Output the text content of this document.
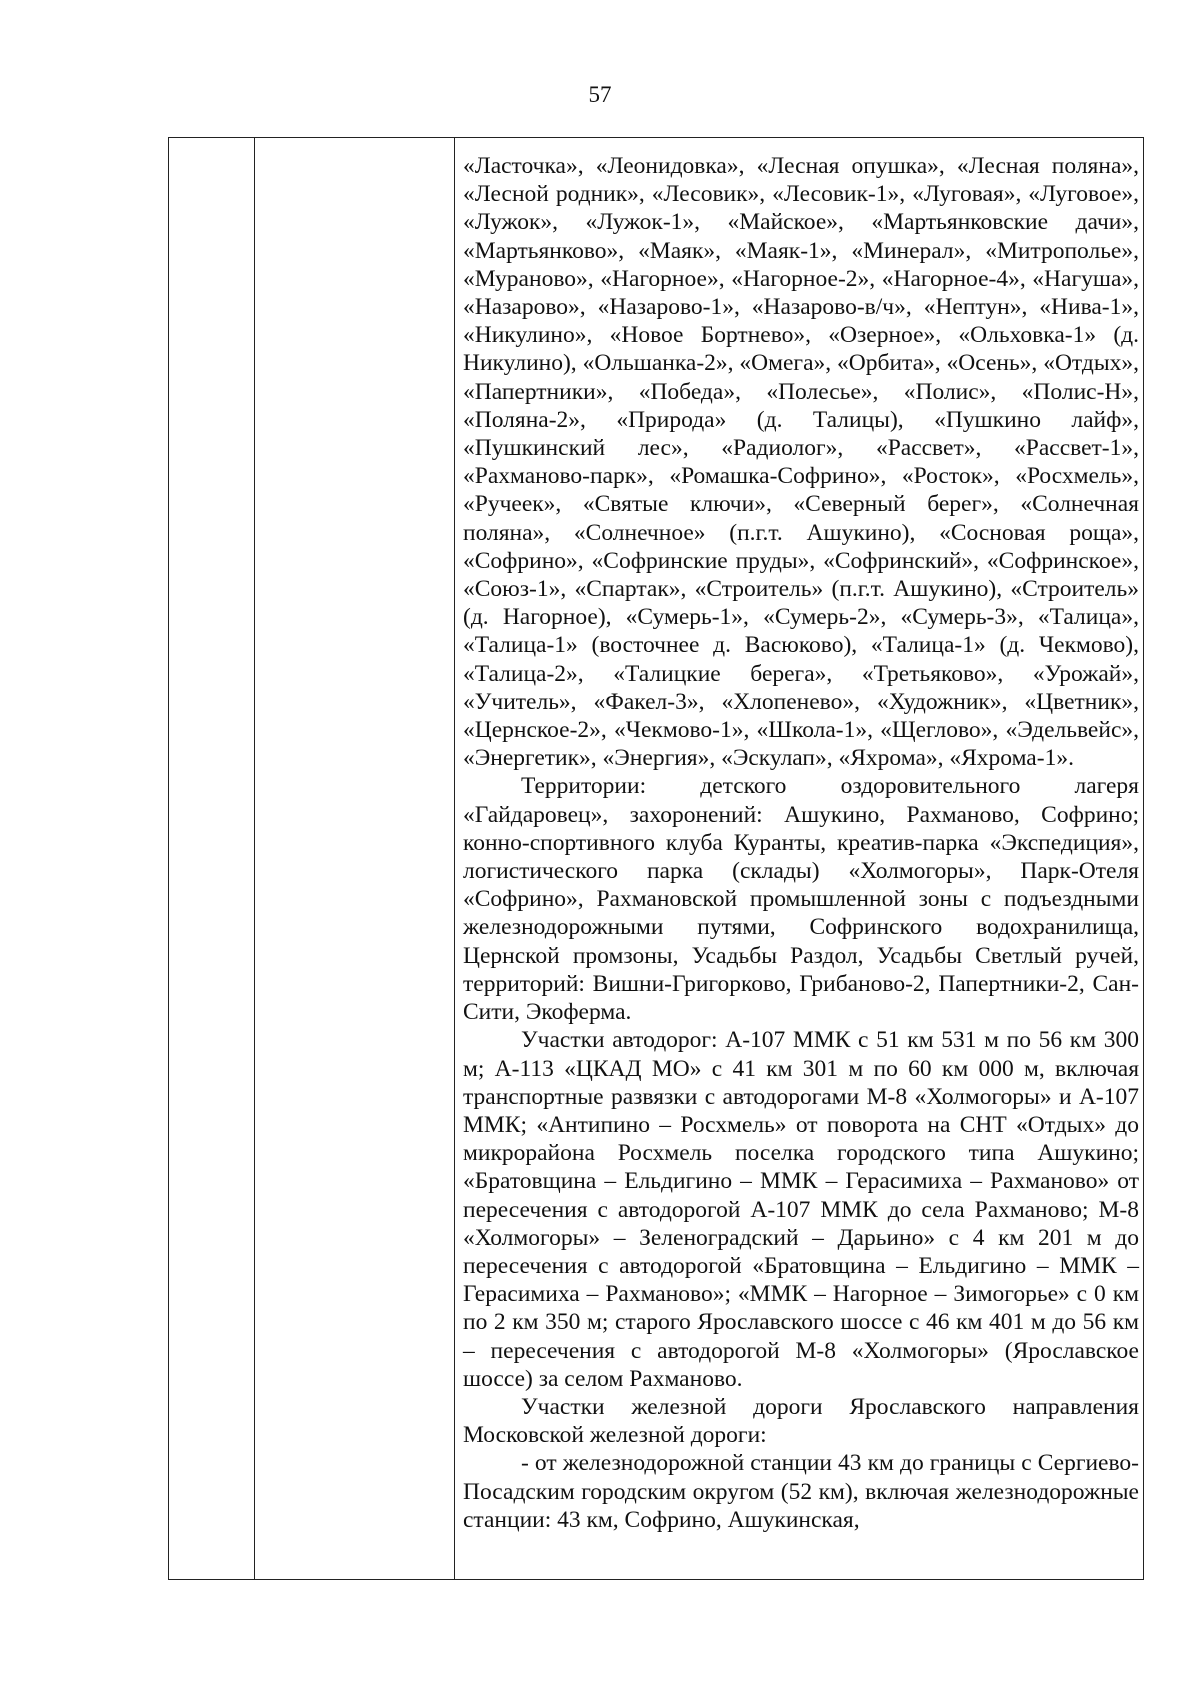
57

«Ласточка», «Леонидовка», «Лесная опушка», «Лесная поляна», «Лесной родник», «Лесовик», «Лесовик-1», «Луговая», «Луговое», «Лужок», «Лужок-1», «Майское», «Мартьянковские дачи», «Мартьянково», «Маяк», «Маяк-1», «Минерал», «Митрополье», «Мураново», «Нагорное», «Нагорное-2», «Нагорное-4», «Нагуша», «Назарово», «Назарово-1», «Назарово-в/ч», «Нептун», «Нива-1», «Никулино», «Новое Бортнево», «Озерное», «Ольховка-1» (д. Никулино), «Ольшанка-2», «Омега», «Орбита», «Осень», «Отдых», «Папертники», «Победа», «Полесье», «Полис», «Полис-Н», «Поляна-2», «Природа» (д. Талицы), «Пушкино лайф», «Пушкинский лес», «Радиолог», «Рассвет», «Рассвет-1», «Рахманово-парк», «Ромашка-Софрино», «Росток», «Росхмель», «Ручеек», «Святые ключи», «Северный берег», «Солнечная поляна», «Солнечное» (п.г.т. Ашукино), «Сосновая роща», «Софрино», «Софринские пруды», «Софринский», «Софринское», «Союз-1», «Спартак», «Строитель» (п.г.т. Ашукино), «Строитель» (д. Нагорное), «Сумерь-1», «Сумерь-2», «Сумерь-3», «Талица», «Талица-1» (восточнее д. Васюково), «Талица-1» (д. Чекмово), «Талица-2», «Талицкие берега», «Третьяково», «Урожай», «Учитель», «Факел-3», «Хлопенево», «Художник», «Цветник», «Цернское-2», «Чекмово-1», «Школа-1», «Щеглово», «Эдельвейс», «Энергетик», «Энергия», «Эскулап», «Яхрома», «Яхрома-1».

Территории: детского оздоровительного лагеря «Гайдаровец», захоронений: Ашукино, Рахманово, Софрино; конно-спортивного клуба Куранты, креатив-парка «Экспедиция», логистического парка (склады) «Холмогоры», Парк-Отеля «Софрино», Рахмановской промышленной зоны с подъездными железнодорожными путями, Софринского водохранилища, Цернской промзоны, Усадьбы Раздол, Усадьбы Светлый ручей, территорий: Вишни-Григорково, Грибаново-2, Папертники-2, Сан-Сити, Экоферма.

Участки автодорог: А-107 ММК с 51 км 531 м по 56 км 300 м; А-113 «ЦКАД МО» с 41 км 301 м по 60 км 000 м, включая транспортные развязки с автодорогами М-8 «Холмогоры» и А-107 ММК; «Антипино – Росхмель» от поворота на СНТ «Отдых» до микрорайона Росхмель поселка городского типа Ашукино; «Братовщина – Ельдигино – ММК – Герасимиха – Рахманово» от пересечения с автодорогой А-107 ММК до села Рахманово; М-8 «Холмогоры» – Зеленоградский – Дарьино» с 4 км 201 м до пересечения с автодорогой «Братовщина – Ельдигино – ММК – Герасимиха – Рахманово»; «ММК – Нагорное – Зимогорье» с 0 км по 2 км 350 м; старого Ярославского шоссе с 46 км 401 м до 56 км – пересечения с автодорогой М-8 «Холмогоры» (Ярославское шоссе) за селом Рахманово.

Участки железной дороги Ярославского направления Московской железной дороги:

- от железнодорожной станции 43 км до границы с Сергиево-Посадским городским округом (52 км), включая железнодорожные станции: 43 км, Софрино, Ашукинская,
